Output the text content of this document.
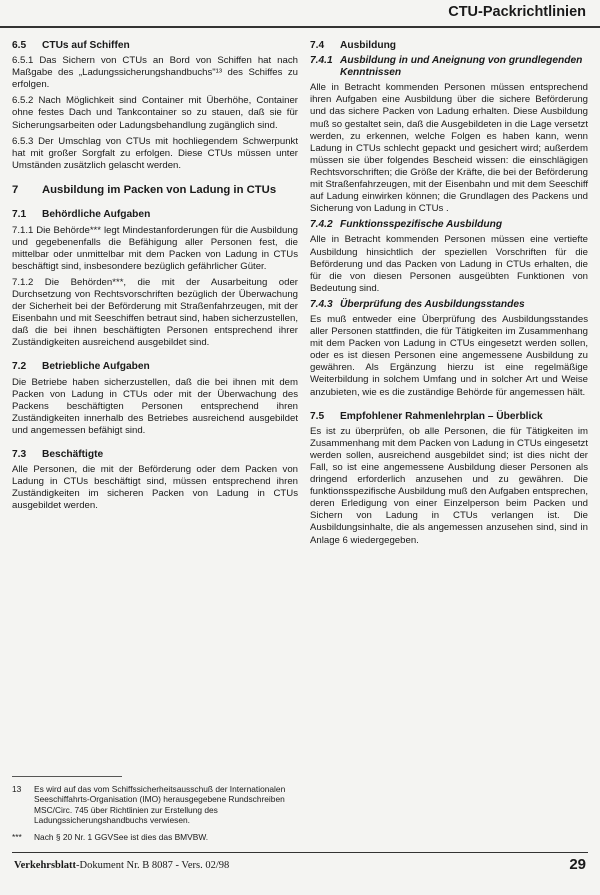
CTU-Packrichtlinien
6.5	CTUs auf Schiffen

6.5.1 Das Sichern von CTUs an Bord von Schiffen hat nach Maßgabe des „Ladungssicherungshandbuchs"¹³ des Schiffes zu erfolgen.

6.5.2 Nach Möglichkeit sind Container mit Überhöhe, Container ohne festes Dach und Tankcontainer so zu stauen, daß sie für Sicherungsarbeiten oder Ladungsbehandlung zugänglich sind.

6.5.3 Der Umschlag von CTUs mit hochliegendem Schwerpunkt hat mit großer Sorgfalt zu erfolgen. Diese CTUs müssen unter Umständen zusätzlich gelascht werden.

7	Ausbildung im Packen von Ladung in CTUs
7.1	Behördliche Aufgaben

7.1.1 Die Behörde*** legt Mindestanforderungen für die Ausbildung und gegebenenfalls die Befähigung aller Personen fest, die mittelbar oder unmittelbar mit dem Packen von Ladung in CTUs beschäftigt sind, insbesondere bezüglich gefährlicher Güter.

7.1.2 Die Behörden***, die mit der Ausarbeitung oder Durchsetzung von Rechtsvorschriften bezüglich der Überwachung der Sicherheit bei der Beförderung mit Straßenfahrzeugen, mit der Eisenbahn und mit Seeschiffen betraut sind, haben sicherzustellen, daß die bei ihnen beschäftigten Personen entsprechend ihrer Zuständigkeiten ausreichend ausgebildet sind.

7.2	Betriebliche Aufgaben

Die Betriebe haben sicherzustellen, daß die bei ihnen mit dem Packen von Ladung in CTUs oder mit der Überwachung des Packens beschäftigten Personen entsprechend ihren Zuständigkeiten innerhalb des Betriebes ausreichend ausgebildet und angemessen befähigt sind.

7.3	Beschäftigte

Alle Personen, die mit der Beförderung oder dem Packen von Ladung in CTUs beschäftigt sind, müssen entsprechend ihren Zuständigkeiten im sicheren Packen von Ladung in CTUs ausgebildet werden.

7.4	Ausbildung
7.4.1 Ausbildung in und Aneignung von grundlegenden Kenntnissen

Alle in Betracht kommenden Personen müssen entsprechend ihren Aufgaben eine Ausbildung über die sichere Beförderung und das sichere Packen von Ladung erhalten. Diese Ausbildung muß so gestaltet sein, daß die Ausgebildeten in die Lage versetzt werden, zu erkennen, welche Folgen es haben kann, wenn Ladung in CTUs schlecht gepackt und gesichert wird; außerdem müssen sie über folgendes Bescheid wissen: die einschlägigen Rechtsvorschriften; die Größe der Kräfte, die bei der Beförderung mit Straßenfahrzeugen, mit der Eisenbahn und mit dem Seeschiff auf Ladung einwirken können; die Grundlagen des Packens und Sicherung von Ladung in CTUs .

7.4.2 Funktionsspezifische Ausbildung

Alle in Betracht kommenden Personen müssen eine vertiefte Ausbildung hinsichtlich der speziellen Vorschriften für die Beförderung und das Packen von Ladung in CTUs erhalten, die für die von diesen Personen ausgeübten Funktionen von Bedeutung sind.

7.4.3 Überprüfung des Ausbildungsstandes

Es muß entweder eine Überprüfung des Ausbildungsstandes aller Personen stattfinden, die für Tätigkeiten im Zusammenhang mit dem Packen von Ladung in CTUs eingesetzt werden sollen, oder es ist diesen Personen eine angemessene Ausbildung zu gewähren. Als Ergänzung hierzu ist eine regelmäßige Weiterbildung in solchem Umfang und in solcher Art und Weise anzubieten, wie es die zuständige Behörde für angemessen hält.

7.5	Empfohlener Rahmenlehrplan – Überblick

Es ist zu überprüfen, ob alle Personen, die für Tätigkeiten im Zusammenhang mit dem Packen von Ladung in CTUs eingesetzt werden sollen, ausreichend ausgebildet sind; ist dies nicht der Fall, so ist eine angemessene Ausbildung dieser Personen als dringend erforderlich anzusehen und zu gewähren. Die funktionsspezifische Ausbildung muß den Aufgaben entsprechen, deren Erledigung von einer Einzelperson beim Packen und Sichern von Ladung in CTUs verlangen ist. Die Ausbildungsinhalte, die als angemessen anzusehen sind, sind in Anlage 6 wiedergegeben.

13	Es wird auf das vom Schiffssicherheitsausschuß der Internationalen Seeschiffahrts-Organisation (IMO) herausgegebene Rundschreiben MSC/Circ. 745 über Richtlinien zur Erstellung des Ladungssicherungshandbuchs verwiesen.
***	Nach § 20 Nr. 1 GGVSee ist dies das BMVBW.
Verkehrsblatt-Dokument Nr. B 8087 - Vers. 02/98	29
